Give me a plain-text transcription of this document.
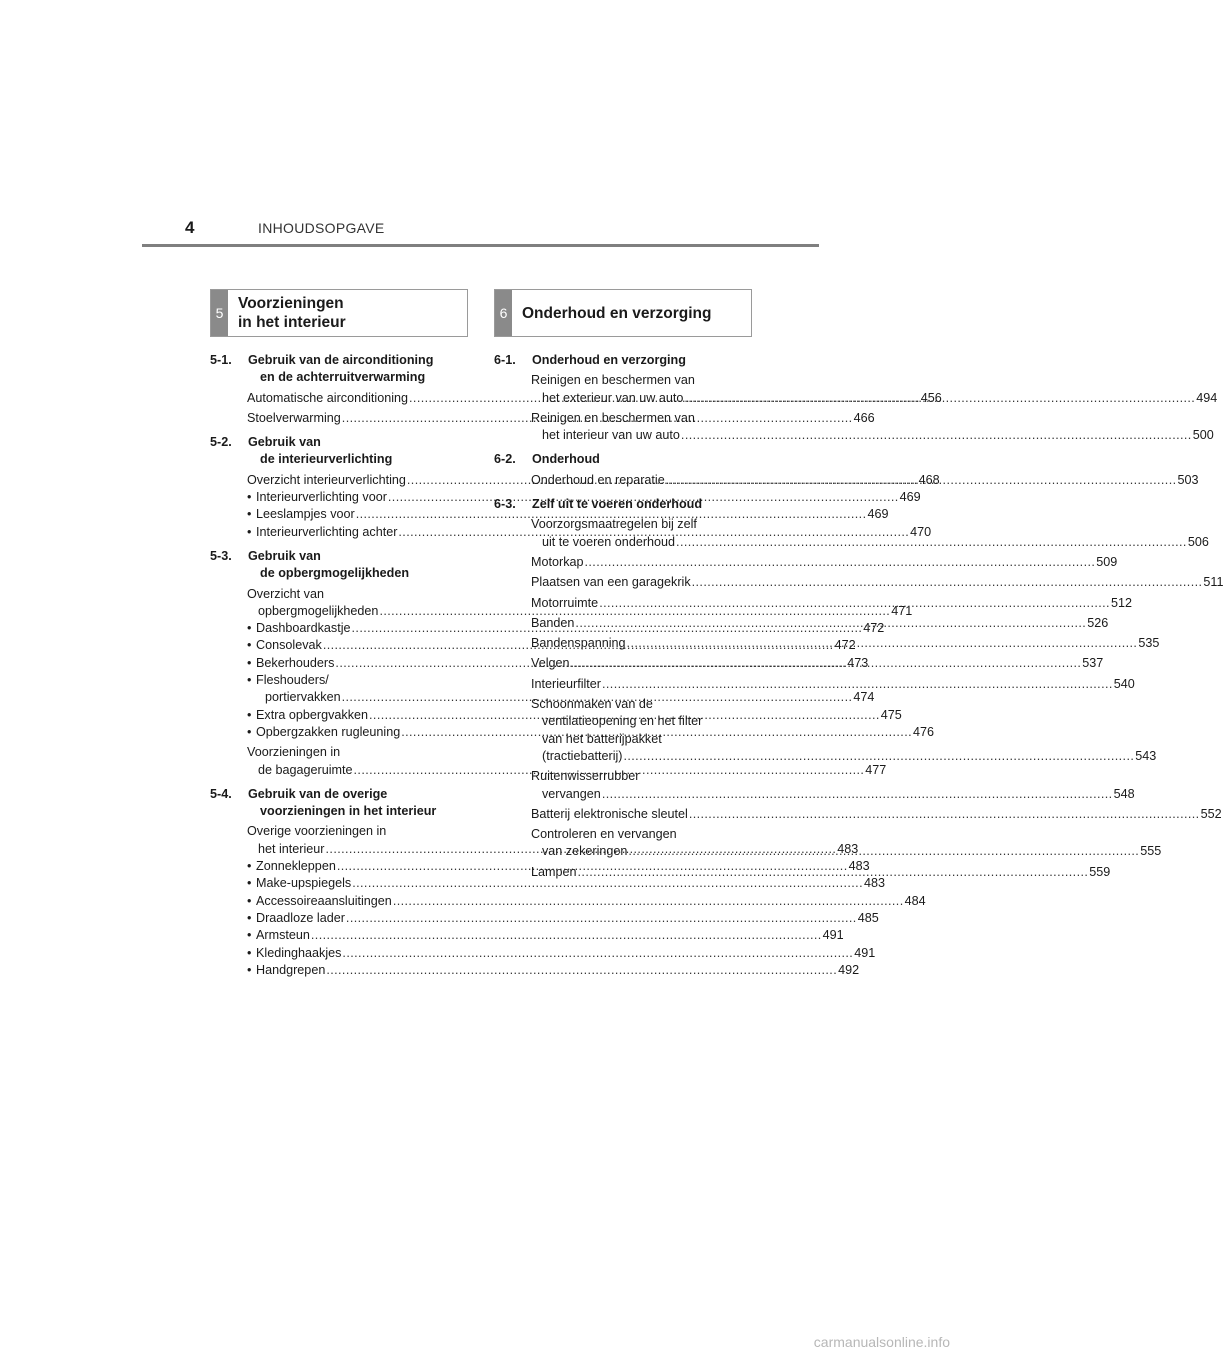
4	INHOUDSOPGAVE
5
Voorzieningen
in het interieur
6 Onderhoud en verzorging
5-1. Gebruik van de airconditioning
en de achterruitverwarming
Automatische airconditioning .....	456
Stoelverwarming .....	466
5-2. Gebruik van
de interieurverlichting
Overzicht interieurverlichting .....	468
• Interieurverlichting voor .....	469
• Leeslampjes voor .....	469
• Interieurverlichting achter .....	470
5-3. Gebruik van
de opbergmogelijkheden
Overzicht van
opbergmogelijkheden .....	471
• Dashboardkastje .....	472
• Consolevak .....	472
• Bekerhouders .....	473
• Fleshouders/
portiervakken .....	474
• Extra opbergvakken .....	475
• Opbergzakken rugleuning .....	476
Voorzieningen in
de bagageruimte .....	477
5-4. Gebruik van de overige
voorzieningen in het interieur
Overige voorzieningen in
het interieur .....	483
• Zonnekleppen .....	483
• Make-upspiegels .....	483
• Accessoireaansluitingen .....	484
• Draadloze lader .....	485
• Armsteun .....	491
• Kledinghaakjes .....	491
• Handgrepen .....	492
6-1. Onderhoud en verzorging
Reinigen en beschermen van
het exterieur van uw auto .....	494
Reinigen en beschermen van
het interieur van uw auto .....	500
6-2. Onderhoud
Onderhoud en reparatie .....	503
6-3. Zelf uit te voeren onderhoud
Voorzorgsmaatregelen bij zelf
uit te voeren onderhoud .....	506
Motorkap .....	509
Plaatsen van een garagekrik .....	511
Motorruimte .....	512
Banden .....	526
Bandenspanning .....	535
Velgen .....	537
Interieurfilter .....	540
Schoonmaken van de
ventilatieopening en het filter
van het batterijpakket
(tractiebatterij) .....	543
Ruitenwisserrubber
vervangen .....	548
Batterij elektronische sleutel .....	552
Controleren en vervangen
van zekeringen .....	555
Lampen .....	559
carmanualsonline.info
